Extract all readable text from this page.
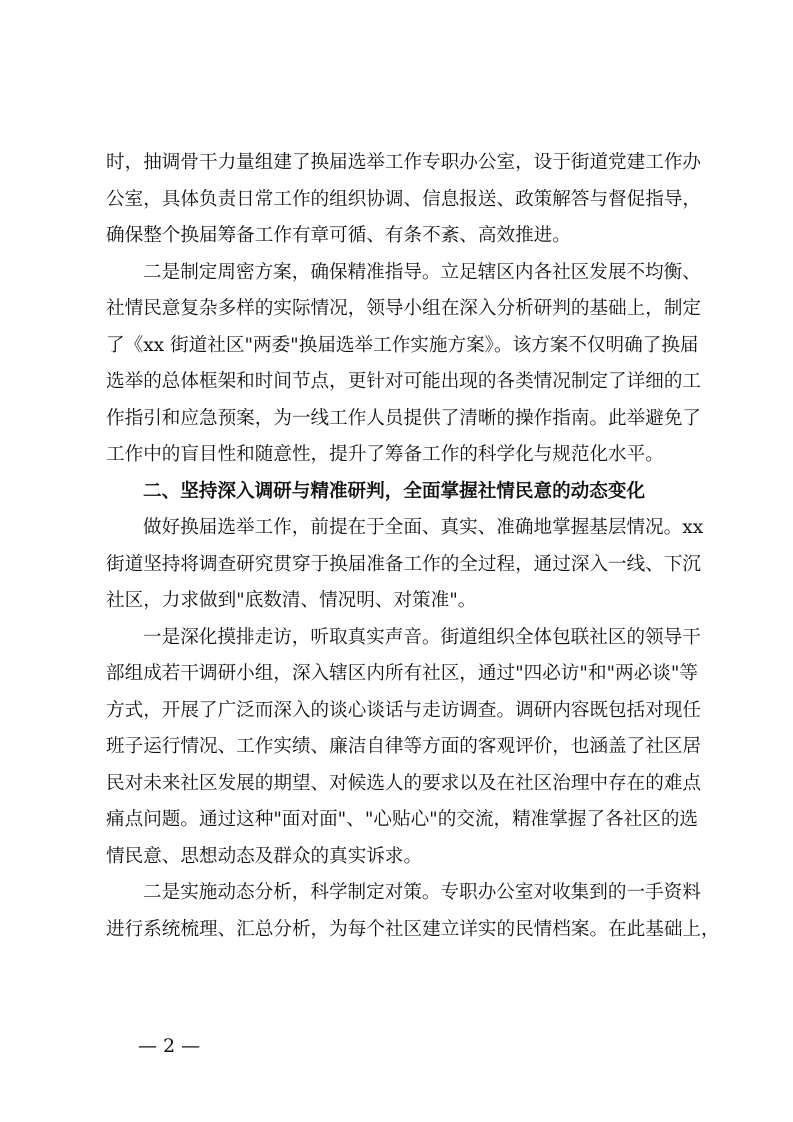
时，抽调骨干力量组建了换届选举工作专职办公室，设于街道党建工作办
公室，具体负责日常工作的组织协调、信息报送、政策解答与督促指导，
确保整个换届筹备工作有章可循、有条不紊、高效推进。
二是制定周密方案，确保精准指导。立足辖区内各社区发展不均衡、
社情民意复杂多样的实际情况，领导小组在深入分析研判的基础上，制定
了《xx 街道社区"两委"换届选举工作实施方案》。该方案不仅明确了换届
选举的总体框架和时间节点，更针对可能出现的各类情况制定了详细的工
作指引和应急预案，为一线工作人员提供了清晰的操作指南。此举避免了
工作中的盲目性和随意性，提升了筹备工作的科学化与规范化水平。
二、坚持深入调研与精准研判，全面掌握社情民意的动态变化
做好换届选举工作，前提在于全面、真实、准确地掌握基层情况。xx
街道坚持将调查研究贯穿于换届准备工作的全过程，通过深入一线、下沉
社区，力求做到"底数清、情况明、对策准"。
一是深化摸排走访，听取真实声音。街道组织全体包联社区的领导干
部组成若干调研小组，深入辖区内所有社区，通过"四必访"和"两必谈"等
方式，开展了广泛而深入的谈心谈话与走访调查。调研内容既包括对现任
班子运行情况、工作实绩、廉洁自律等方面的客观评价，也涵盖了社区居
民对未来社区发展的期望、对候选人的要求以及在社区治理中存在的难点
痛点问题。通过这种"面对面"、"心贴心"的交流，精准掌握了各社区的选
情民意、思想动态及群众的真实诉求。
二是实施动态分析，科学制定对策。专职办公室对收集到的一手资料
进行系统梳理、汇总分析，为每个社区建立详实的民情档案。在此基础上，
— 2 —
